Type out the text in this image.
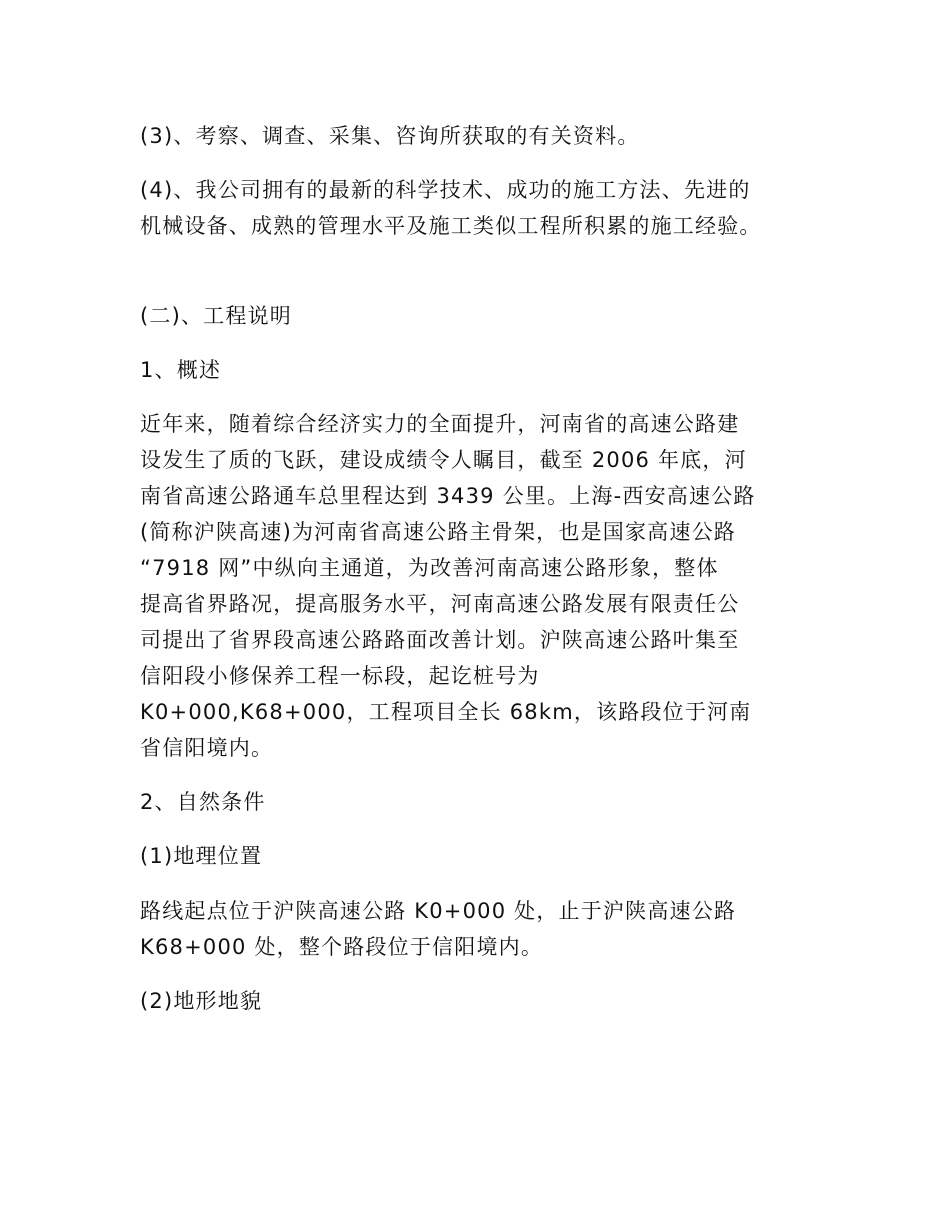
(3)、考察、调查、采集、咨询所获取的有关资料。

(4)、我公司拥有的最新的科学技术、成功的施工方法、先进的
机械设备、成熟的管理水平及施工类似工程所积累的施工经验。

(二)、工程说明

1、概述

近年来，随着综合经济实力的全面提升，河南省的高速公路建
设发生了质的飞跃，建设成绩令人瞩目，截至 2006 年底，河
南省高速公路通车总里程达到 3439 公里。上海-西安高速公路
(简称沪陕高速)为河南省高速公路主骨架，也是国家高速公路
“7918 网”中纵向主通道，为改善河南高速公路形象，整体
提高省界路况，提高服务水平，河南高速公路发展有限责任公
司提出了省界段高速公路路面改善计划。沪陕高速公路叶集至
信阳段小修保养工程一标段，起讫桩号为
K0+000,K68+000，工程项目全长 68km，该路段位于河南
省信阳境内。

2、自然条件

(1)地理位置

路线起点位于沪陕高速公路 K0+000 处，止于沪陕高速公路
K68+000 处，整个路段位于信阳境内。

(2)地形地貌
